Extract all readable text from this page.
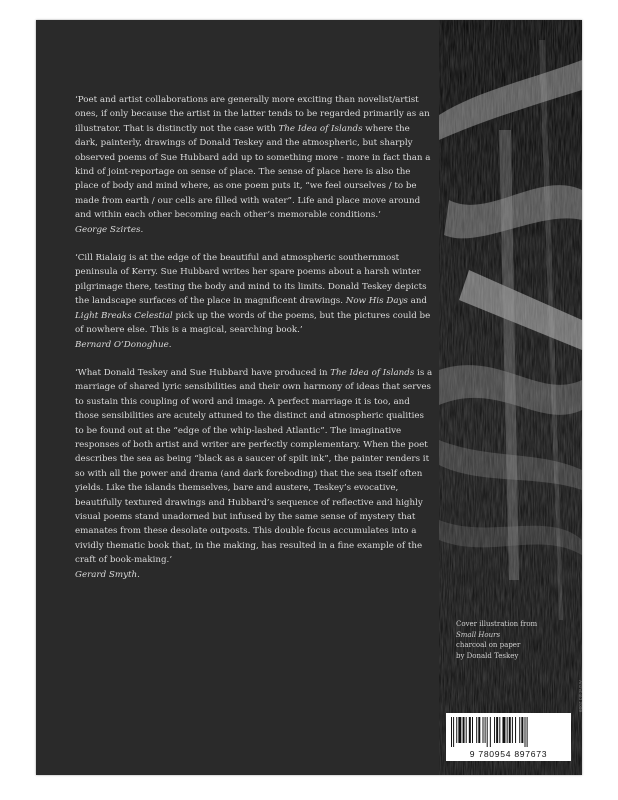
‘Poet and artist collaborations are generally more exciting than novelist/artist ones, if only because the artist in the latter tends to be regarded primarily as an illustrator. That is distinctly not the case with The Idea of Islands where the dark, painterly, drawings of Donald Teskey and the atmospheric, but sharply observed poems of Sue Hubbard add up to something more - more in fact than a kind of joint-reportage on sense of place. The sense of place here is also the place of body and mind where, as one poem puts it, “we feel ourselves / to be made from earth / our cells are filled with water”. Life and place move around and within each other becoming each other’s memorable conditions.’

George Szirtes.

‘Cill Rialaig is at the edge of the beautiful and atmospheric southernmost peninsula of Kerry. Sue Hubbard writes her spare poems about a harsh winter pilgrimage there, testing the body and mind to its limits. Donald Teskey depicts the landscape surfaces of the place in magnificent drawings. Now His Days and Light Breaks Celestial pick up the words of the poems, but the pictures could be of nowhere else. This is a magical, searching book.’

Bernard O’Donoghue.

‘What Donald Teskey and Sue Hubbard have produced in The Idea of Islands is a marriage of shared lyric sensibilities and their own harmony of ideas that serves to sustain this coupling of word and image. A perfect marriage it is too, and those sensibilities are acutely attuned to the distinct and atmospheric qualities to be found out at the “edge of the whip-lashed Atlantic”. The imaginative responses of both artist and writer are perfectly complementary. When the poet describes the sea as being “black as a saucer of spilt ink”, the painter renders it so with all the power and drama (and dark foreboding) that the sea itself often yields. Like the islands themselves, bare and austere, Teskey’s evocative, beautifully textured drawings and Hubbard’s sequence of reflective and highly visual poems stand unadorned but infused by the same sense of mystery that emanates from these desolate outposts. This double focus accumulates into a vividly thematic book that, in the making, has resulted in a fine example of the craft of book-making.’

Gerard Smyth.
Cover illustration from
Small Hours
charcoal on paper
by Donald Teskey
Archibald 2009
9 780954 897673
